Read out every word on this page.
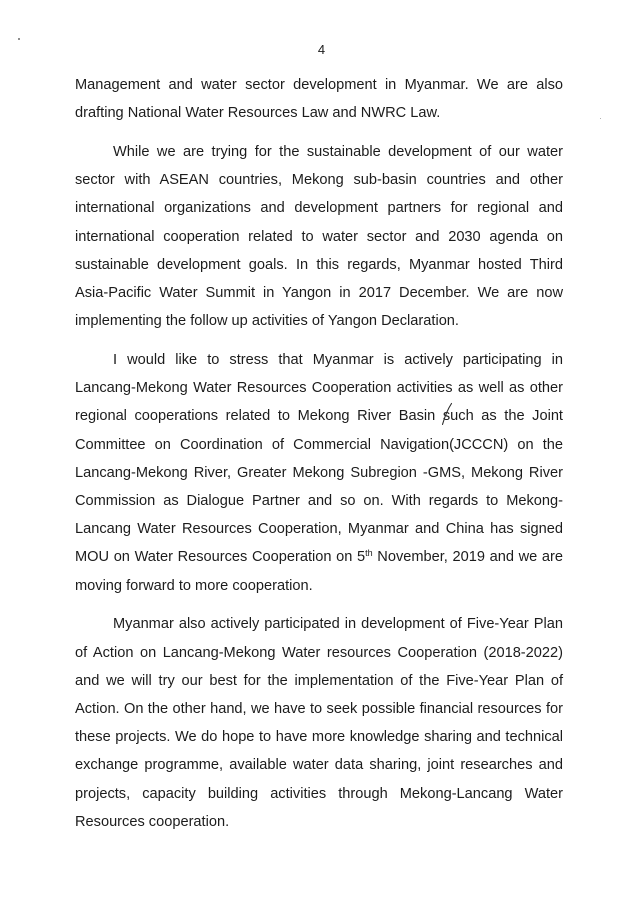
4

Management and water sector development in Myanmar. We are also drafting National Water Resources Law and NWRC Law.

While we are trying for the sustainable development of our water sector with ASEAN countries, Mekong sub-basin countries and other international organizations and development partners for regional and international cooperation related to water sector and 2030 agenda on sustainable development goals. In this regards, Myanmar hosted Third Asia-Pacific Water Summit in Yangon in 2017 December. We are now implementing the follow up activities of Yangon Declaration.

I would like to stress that Myanmar is actively participating in Lancang-Mekong Water Resources Cooperation activities as well as other regional cooperations related to Mekong River Basin such as the Joint Committee on Coordination of Commercial Navigation(JCCCN) on the Lancang-Mekong River, Greater Mekong Subregion -GMS, Mekong River Commission as Dialogue Partner and so on. With regards to Mekong-Lancang Water Resources Cooperation, Myanmar and China has signed MOU on Water Resources Cooperation on 5th November, 2019 and we are moving forward to more cooperation.

Myanmar also actively participated in development of Five-Year Plan of Action on Lancang-Mekong Water resources Cooperation (2018-2022) and we will try our best for the implementation of the Five-Year Plan of Action. On the other hand, we have to seek possible financial resources for these projects. We do hope to have more knowledge sharing and technical exchange programme, available water data sharing, joint researches and projects, capacity building activities through Mekong-Lancang Water Resources cooperation.
